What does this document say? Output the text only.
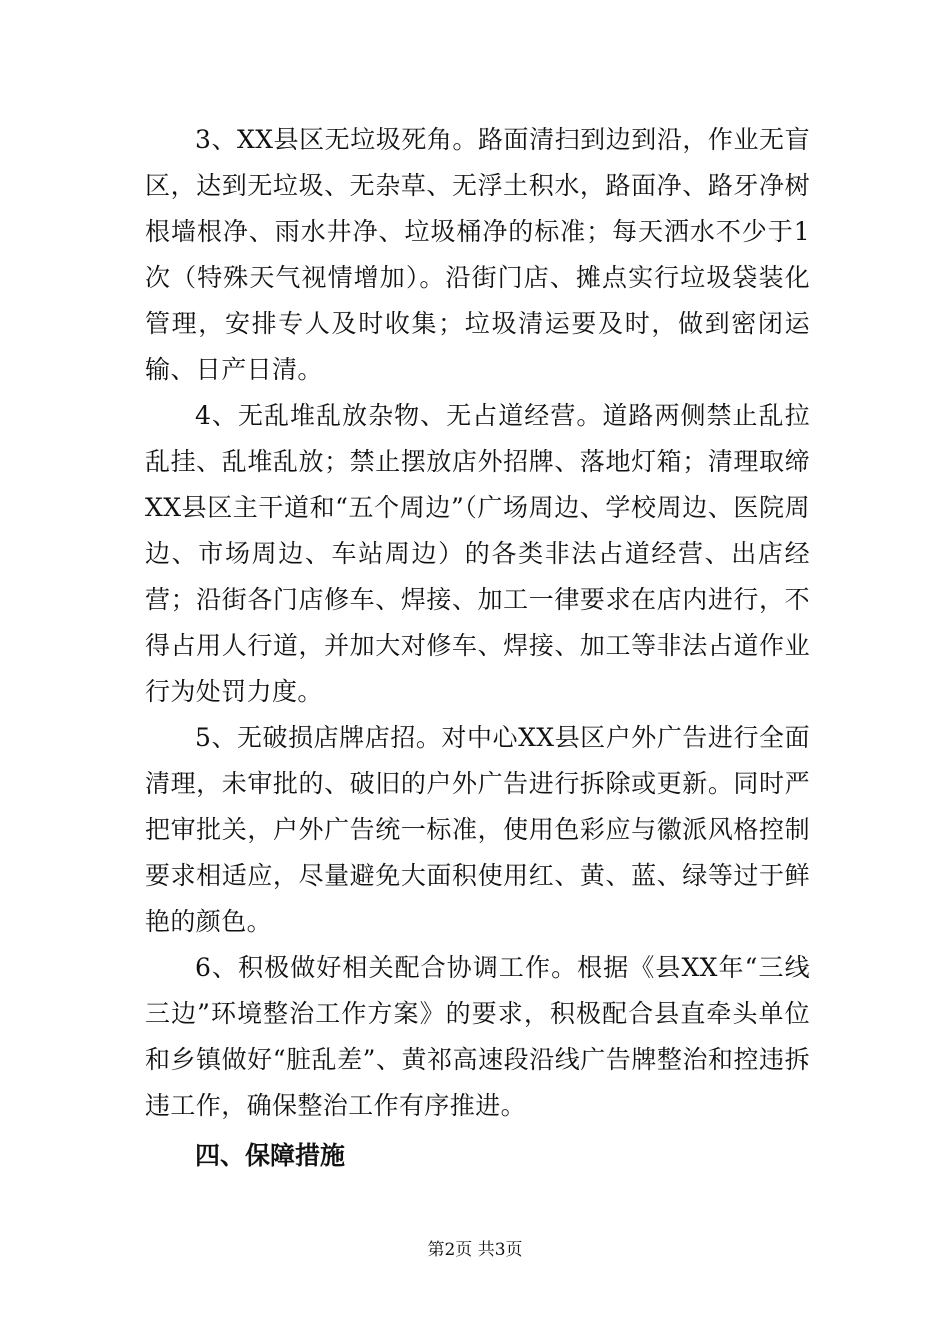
3、XX县区无垃圾死角。路面清扫到边到沿，作业无盲区，达到无垃圾、无杂草、无浮土积水，路面净、路牙净树根墙根净、雨水井净、垃圾桶净的标准；每天洒水不少于1次（特殊天气视情增加）。沿街门店、摊点实行垃圾袋装化管理，安排专人及时收集；垃圾清运要及时，做到密闭运输、日产日清。

4、无乱堆乱放杂物、无占道经营。道路两侧禁止乱拉乱挂、乱堆乱放；禁止摆放店外招牌、落地灯箱；清理取缔XX县区主干道和“五个周边”（广场周边、学校周边、医院周边、市场周边、车站周边）的各类非法占道经营、出店经营；沿街各门店修车、焊接、加工一律要求在店内进行，不得占用人行道，并加大对修车、焊接、加工等非法占道作业行为处罚力度。

5、无破损店牌店招。对中心XX县区户外广告进行全面清理，未审批的、破旧的户外广告进行拆除或更新。同时严把审批关，户外广告统一标准，使用色彩应与徽派风格控制要求相适应，尽量避免大面积使用红、黄、蓝、绿等过于鲜艳的颜色。

6、积极做好相关配合协调工作。根据《县XX年“三线三边”环境整治工作方案》的要求，积极配合县直牵头单位和乡镇做好“脏乱差”、黄祁高速段沿线广告牌整治和控违拆违工作，确保整治工作有序推进。

四、保障措施

第2页 共3页
